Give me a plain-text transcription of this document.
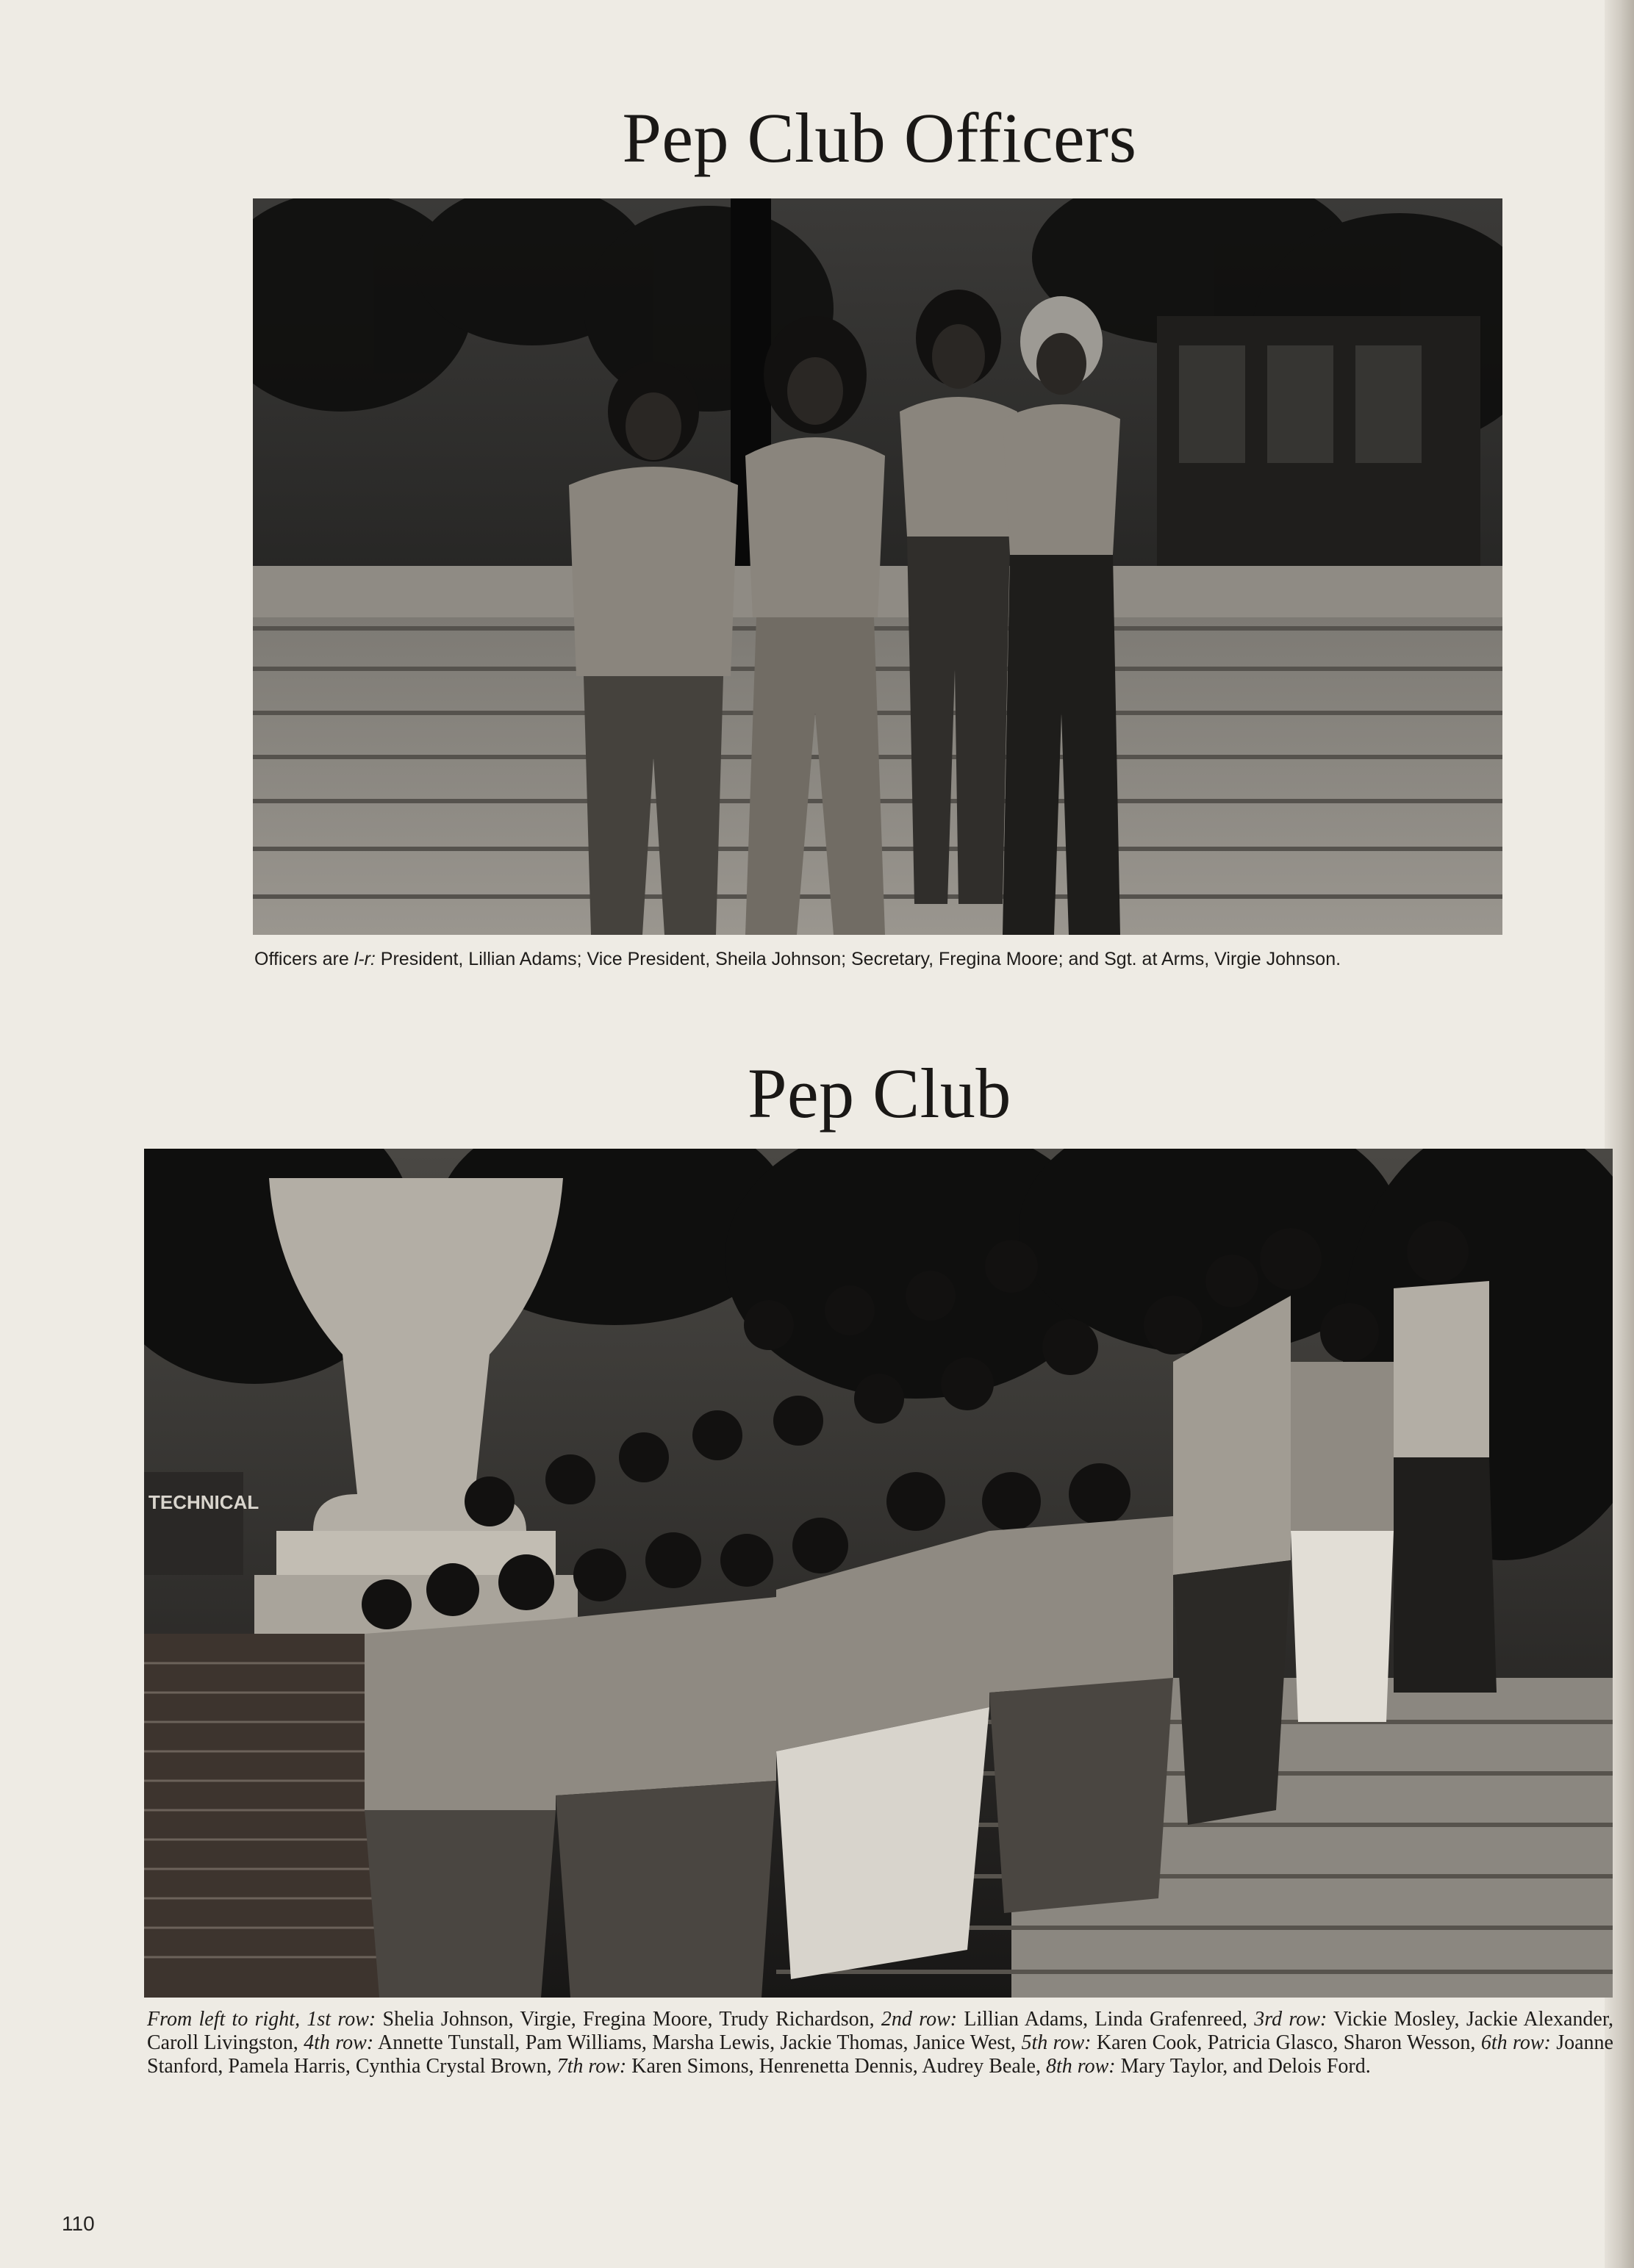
Pep Club Officers

Officers are l-r: President, Lillian Adams; Vice President, Sheila Johnson; Secretary, Fregina Moore; and Sgt. at Arms, Virgie Johnson.

Pep Club
TECHNICAL

From left to right, 1st row: Shelia Johnson, Virgie, Fregina Moore, Trudy Richardson, 2nd row: Lillian Adams, Linda Grafenreed, 3rd row: Vickie Mosley, Jackie Alexander, Caroll Livingston, 4th row: Annette Tunstall, Pam Williams, Marsha Lewis, Jackie Thomas, Janice West, 5th row: Karen Cook, Patricia Glasco, Sharon Wesson, 6th row: Joanne Stanford, Pamela Harris, Cynthia Crystal Brown, 7th row: Karen Simons, Henrenetta Dennis, Audrey Beale, 8th row: Mary Taylor, and Delois Ford.

110
